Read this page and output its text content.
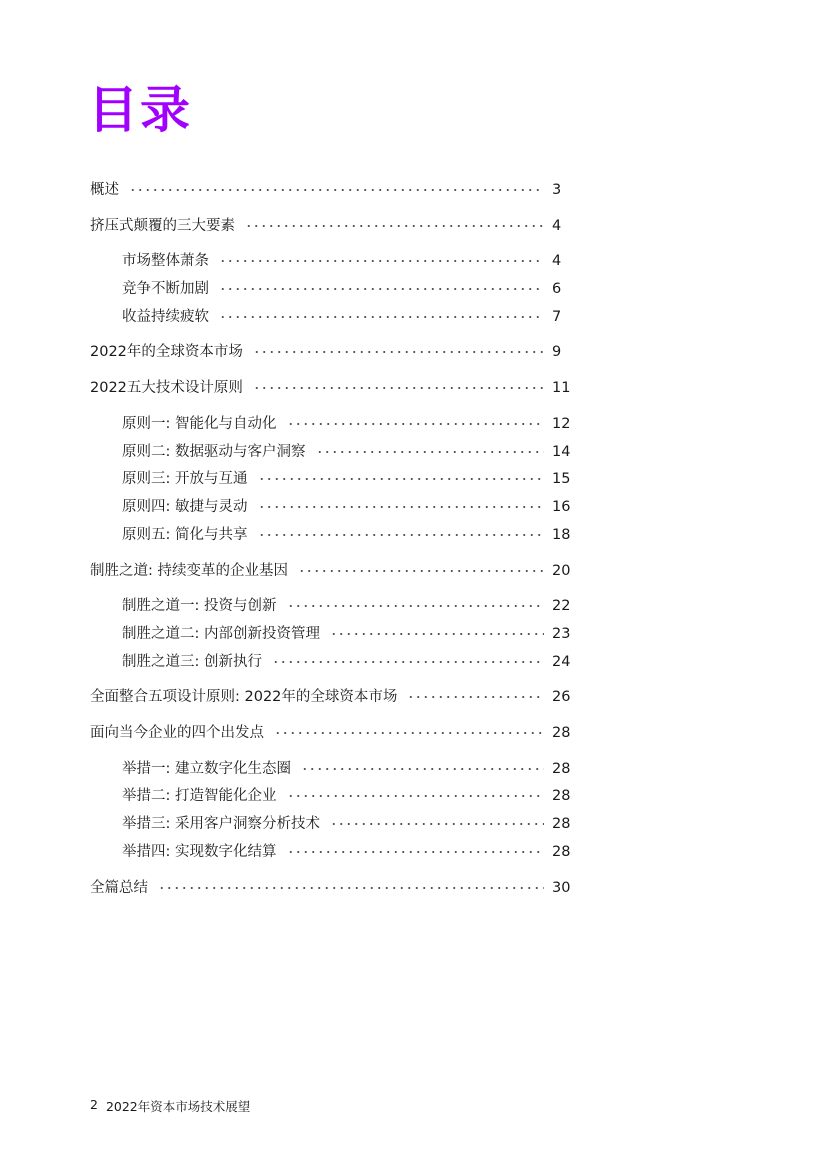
目录
概述	3
挤压式颠覆的三大要素	4
市场整体萧条	4
竞争不断加剧	6
收益持续疲软	7
2022年的全球资本市场	9
2022五大技术设计原则	11
原则一: 智能化与自动化	12
原则二: 数据驱动与客户洞察	14
原则三: 开放与互通	15
原则四: 敏捷与灵动	16
原则五: 简化与共享	18
制胜之道: 持续变革的企业基因	20
制胜之道一: 投资与创新	22
制胜之道二: 内部创新投资管理	23
制胜之道三: 创新执行	24
全面整合五项设计原则: 2022年的全球资本市场	26
面向当今企业的四个出发点	28
举措一: 建立数字化生态圈	28
举措二: 打造智能化企业	28
举措三: 采用客户洞察分析技术	28
举措四: 实现数字化结算	28
全篇总结	30
2 2022年资本市场技术展望
